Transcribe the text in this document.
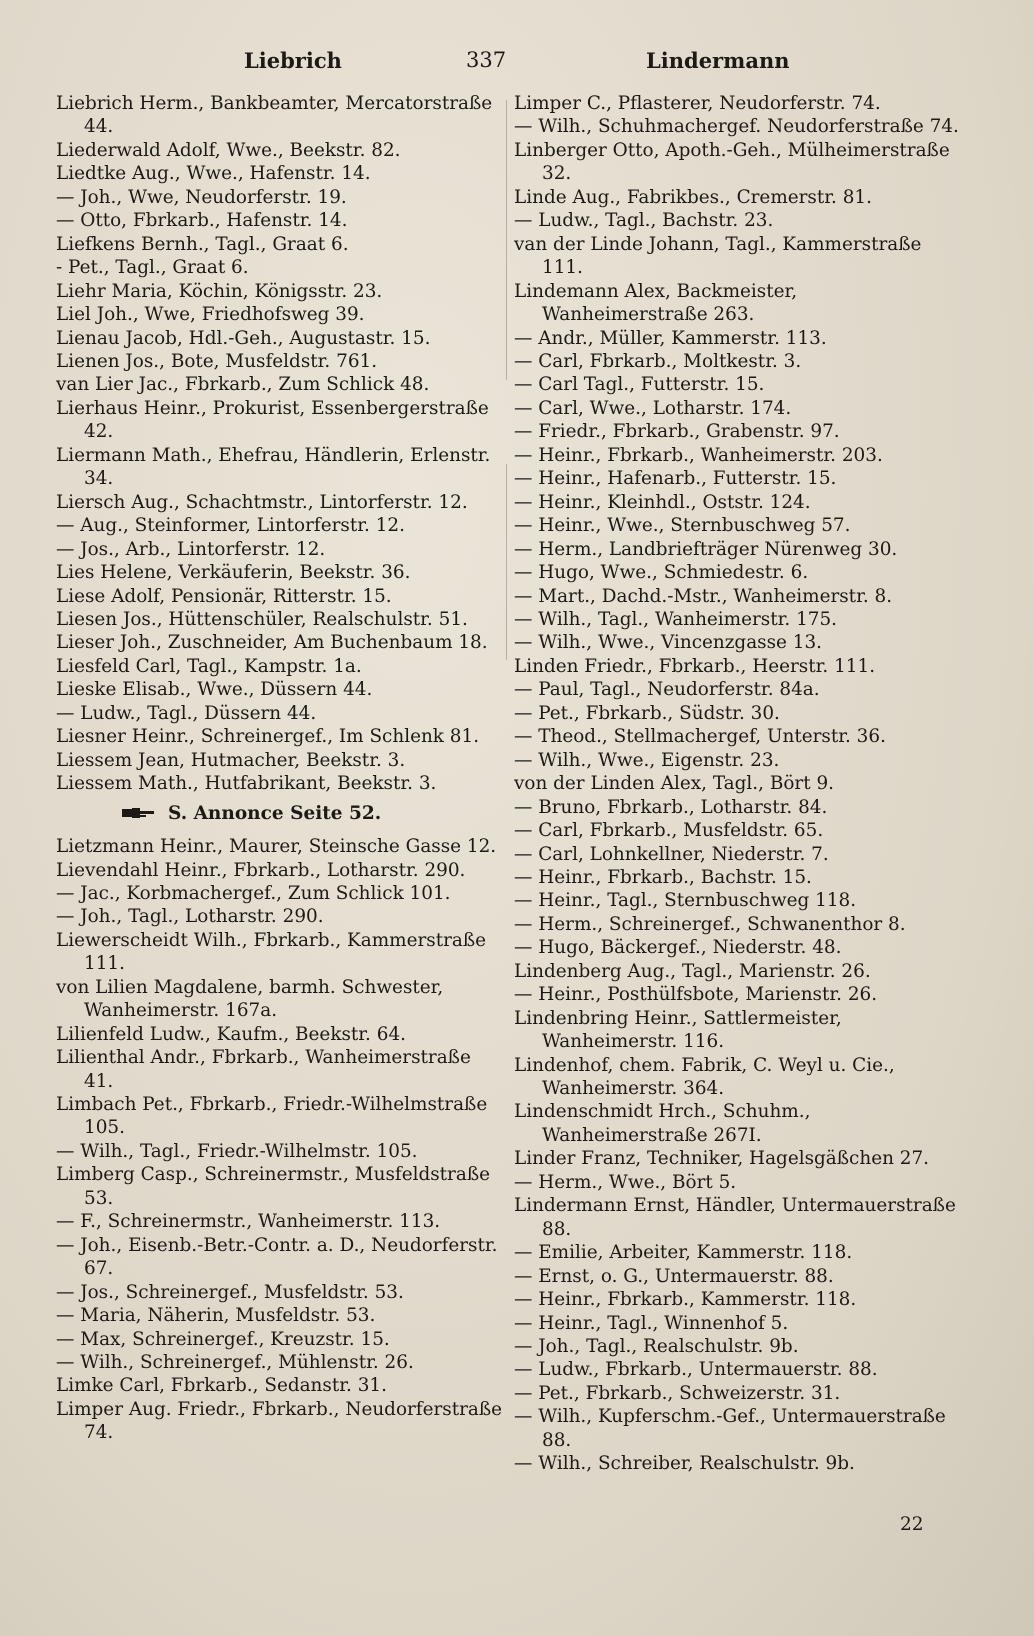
Liebrich	337	Lindermann

Liebrich Herm., Bankbeamter, Mercatorstraße 44.

Liederwald Adolf, Wwe., Beekstr. 82.

Liedtke Aug., Wwe., Hafenstr. 14.

— Joh., Wwe, Neudorferstr. 19.

— Otto, Fbrkarb., Hafenstr. 14.

Liefkens Bernh., Tagl., Graat 6.

- Pet., Tagl., Graat 6.

Liehr Maria, Köchin, Königsstr. 23.

Liel Joh., Wwe, Friedhofsweg 39.

Lienau Jacob, Hdl.-Geh., Augustastr. 15.

Lienen Jos., Bote, Musfeldstr. 761.

van Lier Jac., Fbrkarb., Zum Schlick 48.

Lierhaus Heinr., Prokurist, Essenbergerstraße 42.

Liermann Math., Ehefrau, Händlerin, Erlenstr. 34.

Liersch Aug., Schachtmstr., Lintorferstr. 12.

— Aug., Steinformer, Lintorferstr. 12.

— Jos., Arb., Lintorferstr. 12.

Lies Helene, Verkäuferin, Beekstr. 36.

Liese Adolf, Pensionär, Ritterstr. 15.

Liesen Jos., Hüttenschüler, Realschulstr. 51.

Lieser Joh., Zuschneider, Am Buchenbaum 18.

Liesfeld Carl, Tagl., Kampstr. 1a.

Lieske Elisab., Wwe., Düssern 44.

— Ludw., Tagl., Düssern 44.

Liesner Heinr., Schreinergef., Im Schlenk 81.

Liessem Jean, Hutmacher, Beekstr. 3.

Liessem Math., Hutfabrikant, Beekstr. 3.

S. Annonce Seite 52.

Lietzmann Heinr., Maurer, Steinsche Gasse 12.

Lievendahl Heinr., Fbrkarb., Lotharstr. 290.

— Jac., Korbmachergef., Zum Schlick 101.

— Joh., Tagl., Lotharstr. 290.

Liewerscheidt Wilh., Fbrkarb., Kammerstraße 111.

von Lilien Magdalene, barmh. Schwester, Wanheimerstr. 167a.

Lilienfeld Ludw., Kaufm., Beekstr. 64.

Lilienthal Andr., Fbrkarb., Wanheimerstraße 41.

Limbach Pet., Fbrkarb., Friedr.-Wilhelmstraße 105.

— Wilh., Tagl., Friedr.-Wilhelmstr. 105.

Limberg Casp., Schreinermstr., Musfeldstraße 53.

— F., Schreinermstr., Wanheimerstr. 113.

— Joh., Eisenb.-Betr.-Contr. a. D., Neudorferstr. 67.

— Jos., Schreinergef., Musfeldstr. 53.

— Maria, Näherin, Musfeldstr. 53.

— Max, Schreinergef., Kreuzstr. 15.

— Wilh., Schreinergef., Mühlenstr. 26.

Limke Carl, Fbrkarb., Sedanstr. 31.

Limper Aug. Friedr., Fbrkarb., Neudorferstraße 74.

Limper C., Pflasterer, Neudorferstr. 74.

— Wilh., Schuhmachergef. Neudorferstraße 74.

Linberger Otto, Apoth.-Geh., Mülheimerstraße 32.

Linde Aug., Fabrikbes., Cremerstr. 81.

— Ludw., Tagl., Bachstr. 23.

van der Linde Johann, Tagl., Kammerstraße 111.

Lindemann Alex, Backmeister, Wanheimerstraße 263.

— Andr., Müller, Kammerstr. 113.

— Carl, Fbrkarb., Moltkestr. 3.

— Carl Tagl., Futterstr. 15.

— Carl, Wwe., Lotharstr. 174.

— Friedr., Fbrkarb., Grabenstr. 97.

— Heinr., Fbrkarb., Wanheimerstr. 203.

— Heinr., Hafenarb., Futterstr. 15.

— Heinr., Kleinhdl., Oststr. 124.

— Heinr., Wwe., Sternbuschweg 57.

— Herm., Landbriefträger Nürenweg 30.

— Hugo, Wwe., Schmiedestr. 6.

— Mart., Dachd.-Mstr., Wanheimerstr. 8.

— Wilh., Tagl., Wanheimerstr. 175.

— Wilh., Wwe., Vincenzgasse 13.

Linden Friedr., Fbrkarb., Heerstr. 111.

— Paul, Tagl., Neudorferstr. 84a.

— Pet., Fbrkarb., Südstr. 30.

— Theod., Stellmachergef, Unterstr. 36.

— Wilh., Wwe., Eigenstr. 23.

von der Linden Alex, Tagl., Bört 9.

— Bruno, Fbrkarb., Lotharstr. 84.

— Carl, Fbrkarb., Musfeldstr. 65.

— Carl, Lohnkellner, Niederstr. 7.

— Heinr., Fbrkarb., Bachstr. 15.

— Heinr., Tagl., Sternbuschweg 118.

— Herm., Schreinergef., Schwanenthor 8.

— Hugo, Bäckergef., Niederstr. 48.

Lindenberg Aug., Tagl., Marienstr. 26.

— Heinr., Posthülfsbote, Marienstr. 26.

Lindenbring Heinr., Sattlermeister, Wanheimerstr. 116.

Lindenhof, chem. Fabrik, C. Weyl u. Cie., Wanheimerstr. 364.

Lindenschmidt Hrch., Schuhm., Wanheimerstraße 267I.

Linder Franz, Techniker, Hagelsgäßchen 27.

— Herm., Wwe., Bört 5.

Lindermann Ernst, Händler, Untermauerstraße 88.

— Emilie, Arbeiter, Kammerstr. 118.

— Ernst, o. G., Untermauerstr. 88.

— Heinr., Fbrkarb., Kammerstr. 118.

— Heinr., Tagl., Winnenhof 5.

— Joh., Tagl., Realschulstr. 9b.

— Ludw., Fbrkarb., Untermauerstr. 88.

— Pet., Fbrkarb., Schweizerstr. 31.

— Wilh., Kupferschm.-Gef., Untermauerstraße 88.

— Wilh., Schreiber, Realschulstr. 9b.

22
